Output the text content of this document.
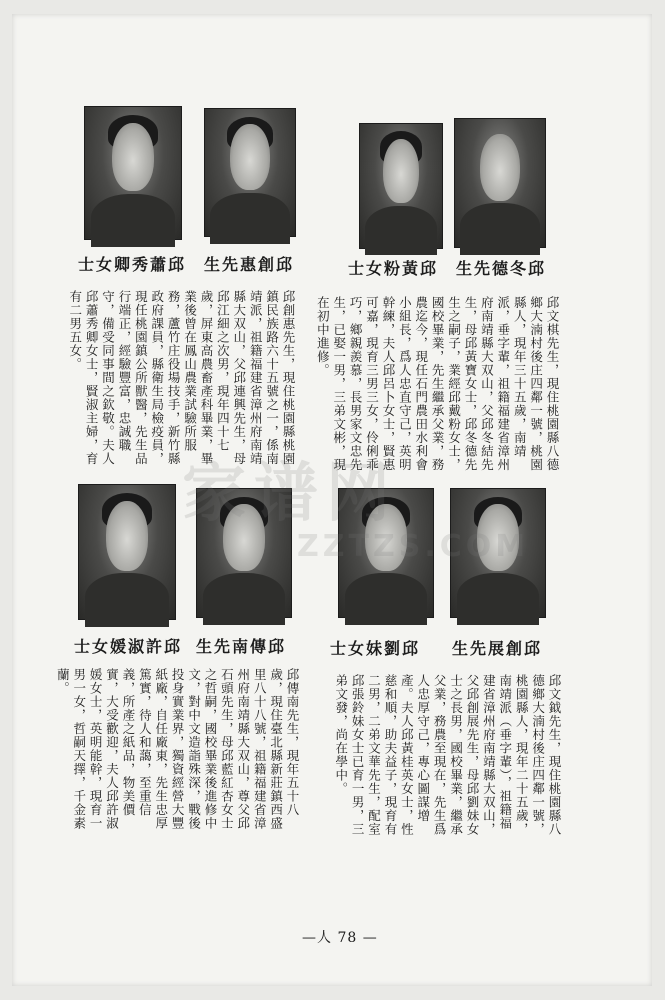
邱蕭秀卿女士 邱創惠先生	邱黃粉女士 邱冬德先生
邱創惠先生，現住桃園縣桃園鎮民族路六十五號之一，係南靖派，祖籍福建省漳州府南靖縣大双山，父邱連興先生，母邱江細之次男，現年四十七歲，屏東高農畜產科畢業，畢業後曾在鳳山農業試驗所服務，蘆竹庄役場技手，新竹縣政府課員，縣衛生局檢疫員，現任桃園鎮公所獸醫，先生品行端正，經驗豐富，忠誠職守，備受同事間之欽敬。夫人邱蕭秀卿女士，賢淑主婦，育有二男五女。	邱文棋先生，現住桃園縣八德鄉大湳村後庄四鄰一號，桃園縣人，現年三十五歲，南靖派，垂字輩，祖籍福建省漳州府南靖縣大双山，父邱冬結先生，母邱黃寶女士，邱冬德先生之嗣子，業經邱戴粉女士，國校畢業，先生繼承父業，務農迄今，現任石門農田水利會小組長，爲人忠直守己，英明幹練，夫人邱呂卜女士，賢惠可嘉，現育三男三女，伶俐乖巧，鄉親羨慕，長男家文忠先生，已娶一男，三弟文彬，現在初中進修。
邱許淑媛女士 邱傳南先生	邱劉妹女士 邱創展先生
邱傳南先生，現年五十八歲，現住臺北縣新莊鎮西盛里八十八號，祖籍福建省漳州府南靖縣大双山，尊父邱石頭先生，母邱藍紅杏女士之哲嗣，國校畢業後進修中文，對中文造詣殊深，戰後投身實業界，獨資經營大豐紙廠，自任廠東，先生忠厚篤實，待人和藹，至重信義，所產之紙品，物美價實，大受歡迎，夫人邱許淑媛女士，英明能幹，現育一男一女，哲嗣天擇，千金素蘭。	邱文鉞先生，現住桃園縣八德鄉大湳村後庄四鄰一號，桃園縣人，現年二十五歲，南靖派（垂字輩），祖籍福建省漳州府南靖縣大双山，父邱創展先生，母邱劉妹女士之長男，國校畢業，繼承父業，務農至現在，先生爲人忠厚守己，專心圖謀增產。夫人邱黃桂英女士，性慈和順，助夫益子，現育有二男，二弟文華先生，配室邱張鈴妹女士已育一男，三弟文發，尚在學中。
家谱网
ZZTZS.COM
—人 78 —
